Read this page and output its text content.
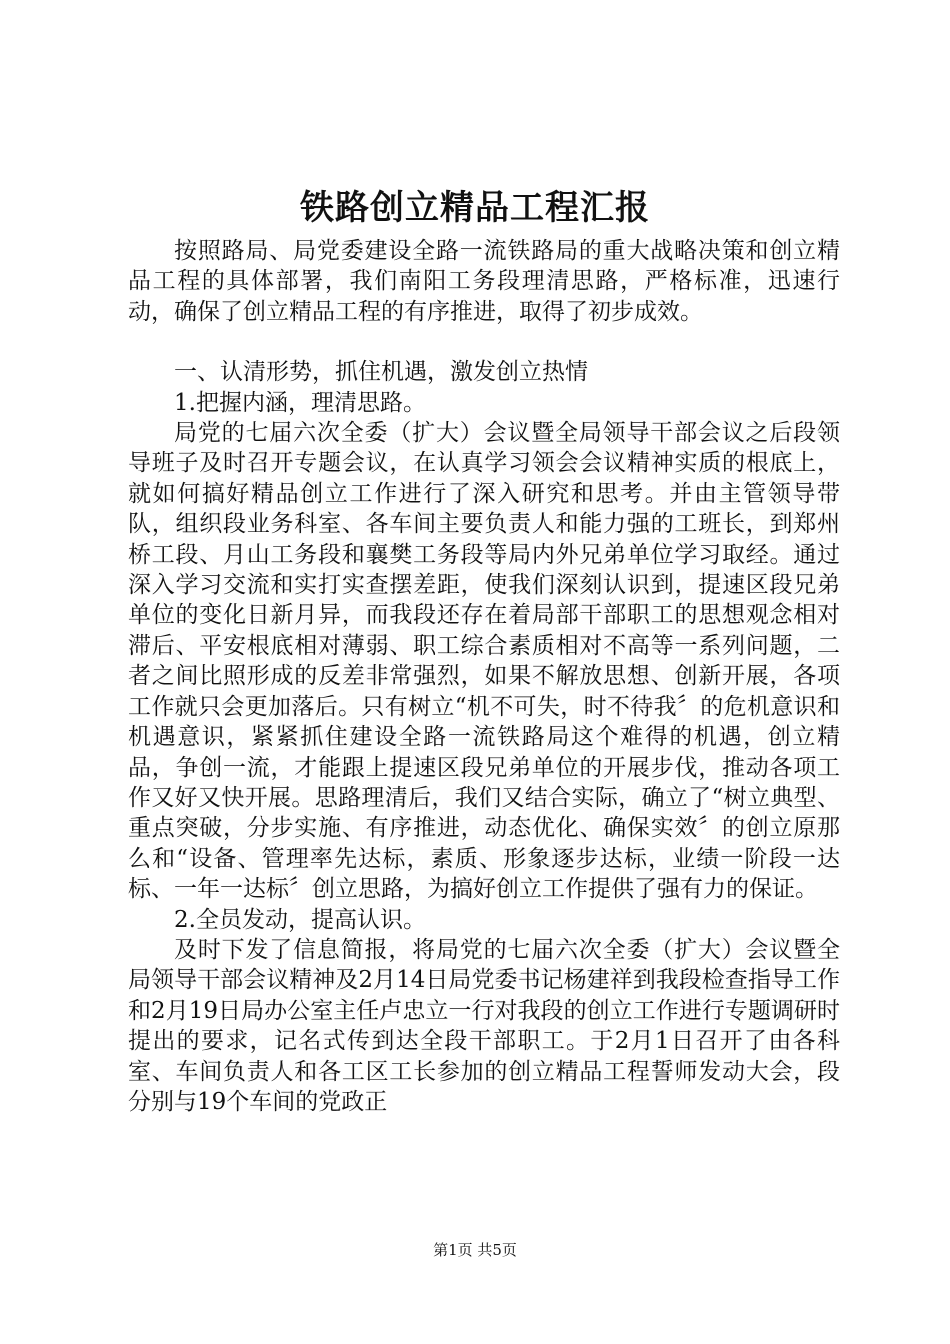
铁路创立精品工程汇报

按照路局、局党委建设全路一流铁路局的重大战略决策和创立精品工程的具体部署，我们南阳工务段理清思路，严格标准，迅速行动，确保了创立精品工程的有序推进，取得了初步成效。

一、认清形势，抓住机遇，激发创立热情

1.把握内涵，理清思路。

局党的七届六次全委（扩大）会议暨全局领导干部会议之后段领导班子及时召开专题会议，在认真学习领会会议精神实质的根底上，就如何搞好精品创立工作进行了深入研究和思考。并由主管领导带队，组织段业务科室、各车间主要负责人和能力强的工班长，到郑州桥工段、月山工务段和襄樊工务段等局内外兄弟单位学习取经。通过深入学习交流和实打实查摆差距，使我们深刻认识到，提速区段兄弟单位的变化日新月异，而我段还存在着局部干部职工的思想观念相对滞后、平安根底相对薄弱、职工综合素质相对不高等一系列问题，二者之间比照形成的反差非常强烈，如果不解放思想、创新开展，各项工作就只会更加落后。只有树立“机不可失，时不待我〞的危机意识和机遇意识，紧紧抓住建设全路一流铁路局这个难得的机遇，创立精品，争创一流，才能跟上提速区段兄弟单位的开展步伐，推动各项工作又好又快开展。思路理清后，我们又结合实际，确立了“树立典型、重点突破，分步实施、有序推进，动态优化、确保实效〞的创立原那么和“设备、管理率先达标，素质、形象逐步达标，业绩一阶段一达标、一年一达标〞创立思路，为搞好创立工作提供了强有力的保证。

2.全员发动，提高认识。

及时下发了信息简报，将局党的七届六次全委（扩大）会议暨全局领导干部会议精神及2月14日局党委书记杨建祥到我段检查指导工作和2月19日局办公室主任卢忠立一行对我段的创立工作进行专题调研时提出的要求，记名式传到达全段干部职工。于2月1日召开了由各科室、车间负责人和各工区工长参加的创立精品工程誓师发动大会，段分别与19个车间的党政正

第1页 共5页
